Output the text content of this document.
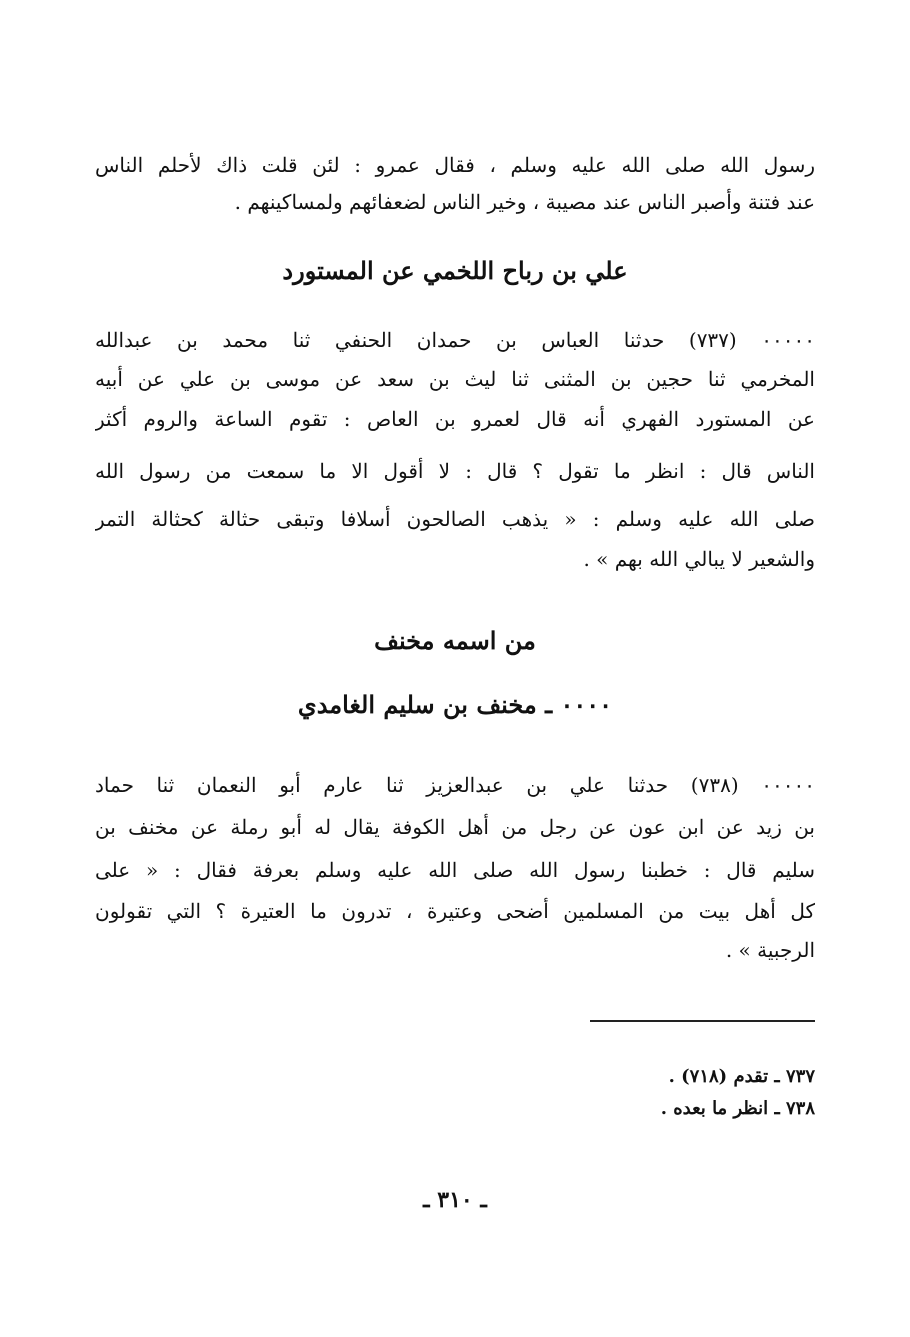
رسول الله صلى الله عليه وسلم ، فقال عمرو : لئن قلت ذاك لأحلم الناس
عند فتنة وأصبر الناس عند مصيبة ، وخير الناس لضعفائهم ولمساكينهم .
علي بن رباح اللخمي عن المستورد
٠٠٠٠٠ (٧٣٧) حدثنا العباس بن حمدان الحنفي ثنا محمد بن عبدالله
المخرمي ثنا حجين بن المثنى ثنا ليث بن سعد عن موسى بن علي عن أبيه
عن المستورد الفهري أنه قال لعمرو بن العاص : تقوم الساعة والروم أكثر
الناس قال : انظر ما تقول ؟ قال : لا أقول الا ما سمعت من رسول الله
صلى الله عليه وسلم : « يذهب الصالحون أسلافا وتبقى حثالة كحثالة التمر
والشعير لا يبالي الله بهم » .
من اسمه مخنف
٠٠٠٠ ـ مخنف بن سليم الغامدي
٠٠٠٠٠ (٧٣٨) حدثنا علي بن عبدالعزيز ثنا عارم أبو النعمان ثنا حماد
بن زيد عن ابن عون عن رجل من أهل الكوفة يقال له أبو رملة عن مخنف بن
سليم قال : خطبنا رسول الله صلى الله عليه وسلم بعرفة فقال : « على
كل أهل بيت من المسلمين أضحى وعتيرة ، تدرون ما العتيرة ؟ التي تقولون
الرجبية » .
٧٣٧ ـ تقدم (٧١٨) .
٧٣٨ ـ انظر ما بعده .
ـ ٣١٠ ـ
